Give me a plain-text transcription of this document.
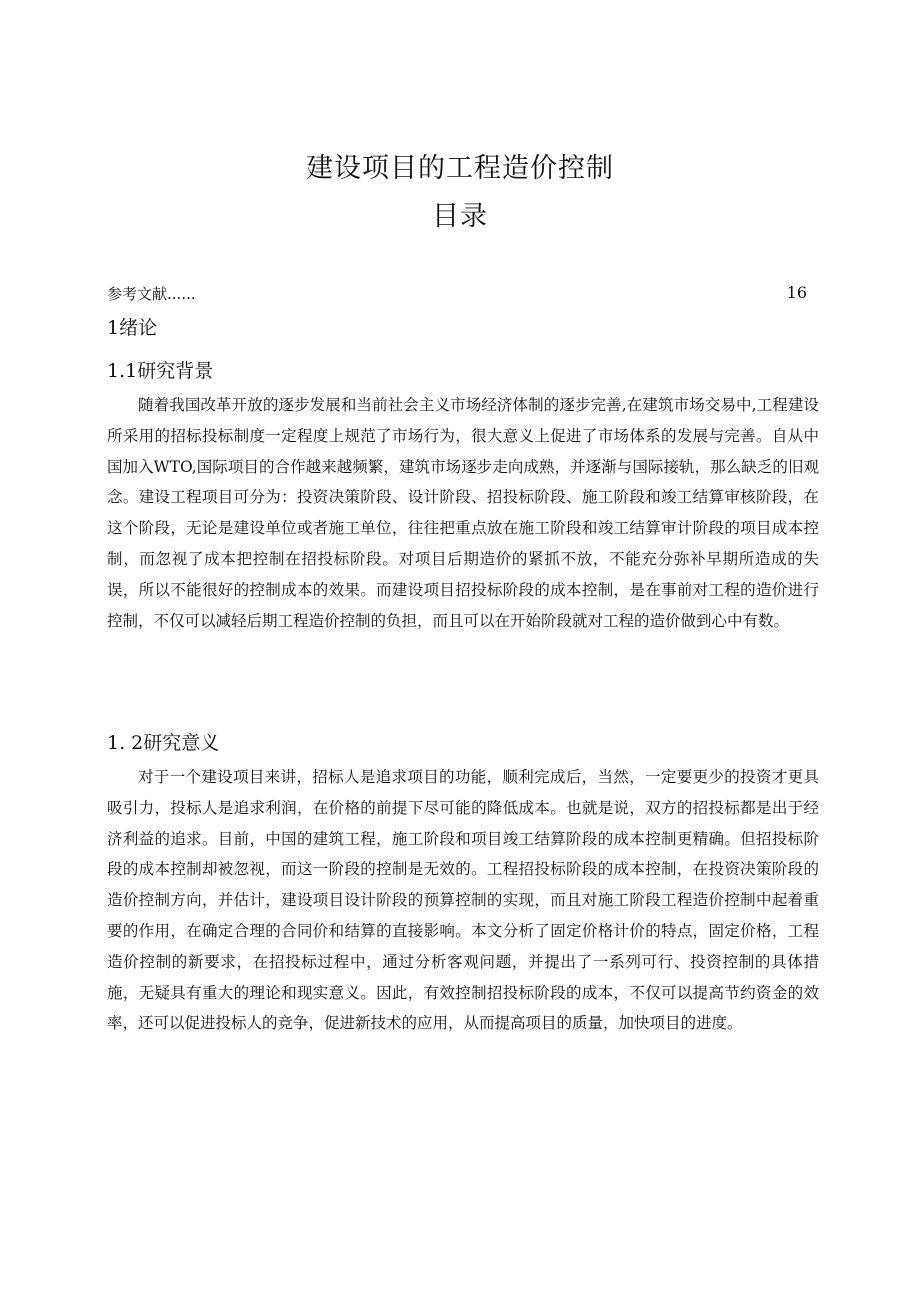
建设项目的工程造价控制
目录
参考文献......	16
1绪论
1.1研究背景

随着我国改革开放的逐步发展和当前社会主义市场经济体制的逐步完善,在建筑市场交易中,工程建设所采用的招标投标制度一定程度上规范了市场行为，很大意义上促进了市场体系的发展与完善。自从中国加入WTO,国际项目的合作越来越频繁，建筑市场逐步走向成熟，并逐渐与国际接轨，那么缺乏的旧观念。建设工程项目可分为：投资决策阶段、设计阶段、招投标阶段、施工阶段和竣工结算审核阶段，在这个阶段，无论是建设单位或者施工单位，往往把重点放在施工阶段和竣工结算审计阶段的项目成本控制，而忽视了成本把控制在招投标阶段。对项目后期造价的紧抓不放，不能充分弥补早期所造成的失误，所以不能很好的控制成本的效果。而建设项目招投标阶段的成本控制，是在事前对工程的造价进行控制，不仅可以减轻后期工程造价控制的负担，而且可以在开始阶段就对工程的造价做到心中有数。

1. 2研究意义

对于一个建设项目来讲，招标人是追求项目的功能，顺利完成后，当然，一定要更少的投资才更具吸引力，投标人是追求利润，在价格的前提下尽可能的降低成本。也就是说，双方的招投标都是出于经济利益的追求。目前，中国的建筑工程，施工阶段和项目竣工结算阶段的成本控制更精确。但招投标阶段的成本控制却被忽视，而这一阶段的控制是无效的。工程招投标阶段的成本控制，在投资决策阶段的造价控制方向，并估计，建设项目设计阶段的预算控制的实现，而且对施工阶段工程造价控制中起着重要的作用，在确定合理的合同价和结算的直接影响。本文分析了固定价格计价的特点，固定价格，工程造价控制的新要求，在招投标过程中，通过分析客观问题，并提出了一系列可行、投资控制的具体措施，无疑具有重大的理论和现实意义。因此，有效控制招投标阶段的成本，不仅可以提高节约资金的效率，还可以促进投标人的竞争，促进新技术的应用，从而提高项目的质量，加快项目的进度。
